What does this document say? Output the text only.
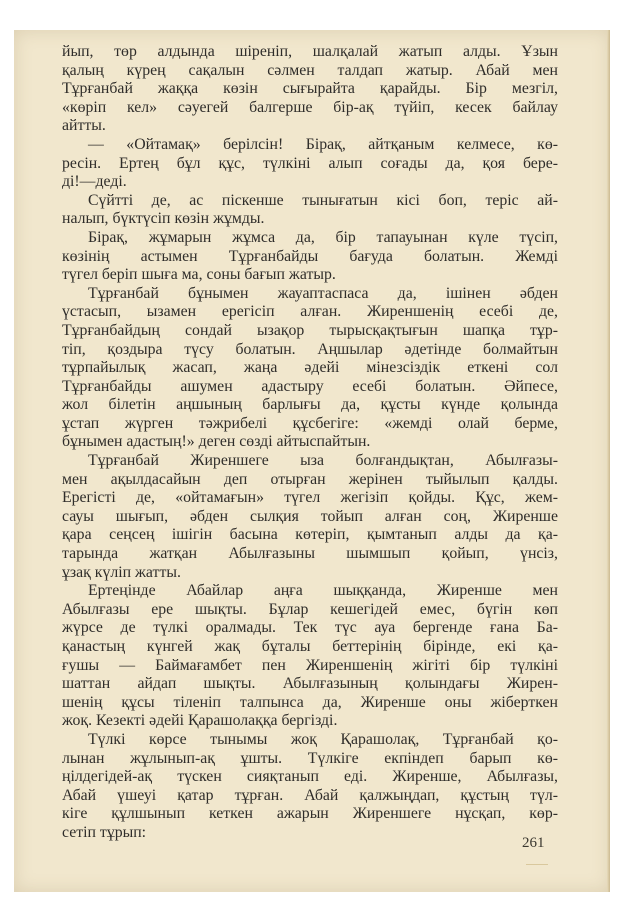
йып, төр алдында шіреніп, шалқалай жатып алды. Ұзын
қалың күрең сақалын сәлмен талдап жатыр. Абай мен
Тұрғанбай жаққа көзін сығырайта қарайды. Бір мезгіл,
«көріп кел» сәуегей балгерше бір-ақ түйіп, кесек байлау
айтты.
— «Ойтамақ» берілсін! Бірақ, айтқаным келмесе, кө-
ресін. Ертең бұл құс, түлкіні алып соғады да, қоя бере-
ді!—деді.
Сүйтті де, ас піскенше тынығатын кісі боп, теріс ай-
налып, бүктүсіп көзін жұмды.
Бірақ, жұмарын жұмса да, бір тапауынан күле түсіп,
көзінің астымен Тұрғанбайды бағуда болатын. Жемді
түгел беріп шыға ма, соны бағып жатыр.
Тұрғанбай бұнымен жауаптаспаса да, ішінен әбден
үстасып, ызамен ерегісіп алған. Жиреншенің есебі де,
Тұрғанбайдың сондай ызақор тырысқақтығын шапқа тұр-
тіп, қоздыра түсу болатын. Аңшылар әдетінде болмайтын
тұрпайылық жасап, жаңа әдейі мінезсіздік еткені сол
Тұрғанбайды ашумен адастыру есебі болатын. Әйпесе,
жол білетін аңшының барлығы да, құсты күнде қолында
ұстап жүрген тәжрибелі құсбегіге: «жемді олай берме,
бұнымен адастың!» деген сөзді айтыспайтын.
Тұрғанбай Жиреншеге ыза болғандықтан, Абылғазы-
мен ақылдасайын деп отырған жерінен тыйылып қалды.
Ерегісті де, «ойтамағын» түгел жегізіп қойды. Құс, жем-
сауы шығып, әбден сылқия тойып алған соң, Жиренше
қара сеңсең ішігін басына көтеріп, қымтанып алды да қа-
тарында жатқан Абылғазыны шымшып қойып, үнсіз,
ұзақ күліп жатты.
Ертеңінде Абайлар аңға шыққанда, Жиренше мен
Абылғазы ере шықты. Бұлар кешегідей емес, бүгін көп
жүрсе де түлкі оралмады. Тек түс ауа бергенде ғана Ба-
қанастың күнгей жақ бұталы беттерінің бірінде, екі қа-
ғушы — Баймағамбет пен Жиреншенің жігіті бір түлкіні
шаттан айдап шықты. Абылғазының қолындағы Жирен-
шенің құсы тіленіп талпынса да, Жиренше оны жіберткен
жоқ. Кезекті әдейі Қарашолаққа бергізді.
Түлкі көрсе тынымы жоқ Қарашолақ, Тұрғанбай қо-
лынан жұлынып-ақ ұшты. Түлкіге екпіндеп барып кө-
ңілдегідей-ақ түскен сияқтанып еді. Жиренше, Абылғазы,
Абай үшеуі қатар тұрған. Абай қалжыңдап, құстың түл-
кіге құлшынып кеткен ажарын Жиреншеге нұсқап, көр-
сетіп тұрып:
261
